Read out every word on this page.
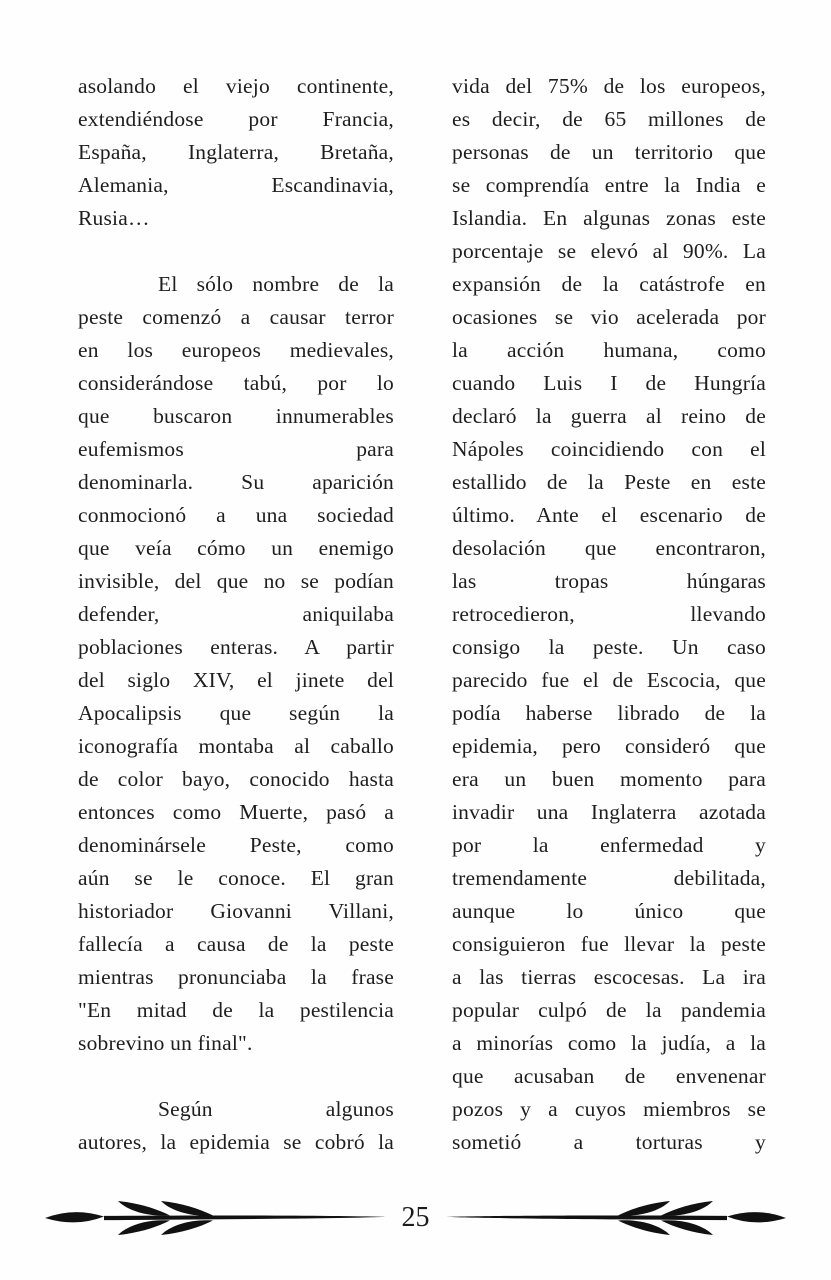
asolando el viejo continente,
extendiéndose por Francia,
España, Inglaterra, Bretaña,
Alemania, Escandinavia,
Rusia…
El sólo nombre de la
peste comenzó a causar terror
en los europeos medievales,
considerándose tabú, por lo
que buscaron innumerables
eufemismos para
denominarla. Su aparición
conmocionó a una sociedad
que veía cómo un enemigo
invisible, del que no se podían
defender, aniquilaba
poblaciones enteras. A partir
del siglo XIV, el jinete del
Apocalipsis que según la
iconografía montaba al caballo
de color bayo, conocido hasta
entonces como Muerte, pasó a
denominársele Peste, como
aún se le conoce. El gran
historiador Giovanni Villani,
fallecía a causa de la peste
mientras pronunciaba la frase
"En mitad de la pestilencia
sobrevino un final".
Según algunos
autores, la epidemia se cobró la
vida del 75% de los europeos,
es decir, de 65 millones de
personas de un territorio que
se comprendía entre la India e
Islandia. En algunas zonas este
porcentaje se elevó al 90%. La
expansión de la catástrofe en
ocasiones se vio acelerada por
la acción humana, como
cuando Luis I de Hungría
declaró la guerra al reino de
Nápoles coincidiendo con el
estallido de la Peste en este
último. Ante el escenario de
desolación que encontraron,
las tropas húngaras
retrocedieron, llevando
consigo la peste. Un caso
parecido fue el de Escocia, que
podía haberse librado de la
epidemia, pero consideró que
era un buen momento para
invadir una Inglaterra azotada
por la enfermedad y
tremendamente debilitada,
aunque lo único que
consiguieron fue llevar la peste
a las tierras escocesas. La ira
popular culpó de la pandemia
a minorías como la judía, a la
que acusaban de envenenar
pozos y a cuyos miembros se
sometió a torturas y
25
